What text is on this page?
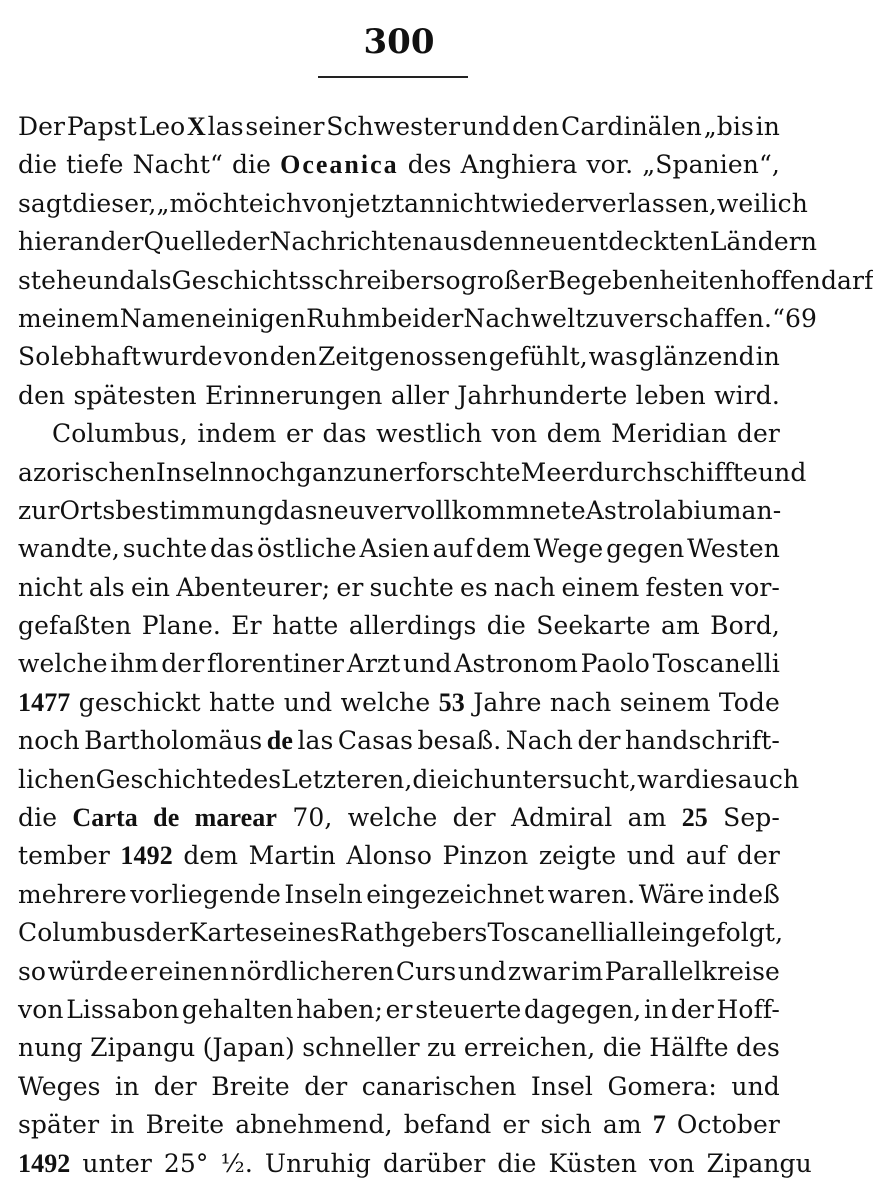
300
Der Papst Leo X las seiner Schwester und den Cardinälen „bis in
die tiefe Nacht“ die Oceanica des Anghiera vor. „Spanien“,
sagt dieser, „möchte ich von jetzt an nicht wieder verlassen, weil ich
hier an der Quelle der Nachrichten aus den neu entdeckten Ländern
stehe und als Geschichtsschreiber so großer Begebenheiten hoffen darf
meinem Namen einigen Ruhm bei der Nachwelt zu verschaffen.“ 69
So lebhaft wurde von den Zeitgenossen gefühlt, was glänzend in
den spätesten Erinnerungen aller Jahrhunderte leben wird.
Columbus, indem er das westlich von dem Meridian der
azorischen Inseln noch ganz unerforschte Meer durchschiffte und
zur Ortsbestimmung das neu vervollkommnete Astrolabium an-
wandte, suchte das östliche Asien auf dem Wege gegen Westen
nicht als ein Abenteurer; er suchte es nach einem festen vor-
gefaßten Plane. Er hatte allerdings die Seekarte am Bord,
welche ihm der florentiner Arzt und Astronom Paolo Toscanelli
1477 geschickt hatte und welche 53 Jahre nach seinem Tode
noch Bartholomäus de las Casas besaß. Nach der handschrift-
lichen Geschichte des Letzteren, die ich untersucht, war dies auch
die Carta de marear 70, welche der Admiral am 25 Sep-
tember 1492 dem Martin Alonso Pinzon zeigte und auf der
mehrere vorliegende Inseln eingezeichnet waren. Wäre indeß
Columbus der Karte seines Rathgebers Toscanelli allein gefolgt,
so würde er einen nördlicheren Curs und zwar im Parallelkreise
von Lissabon gehalten haben; er steuerte dagegen, in der Hoff-
nung Zipangu (Japan) schneller zu erreichen, die Hälfte des
Weges in der Breite der canarischen Insel Gomera: und
später in Breite abnehmend, befand er sich am 7 October
1492 unter 25° ½. Unruhig darüber die Küsten von Zipangu
